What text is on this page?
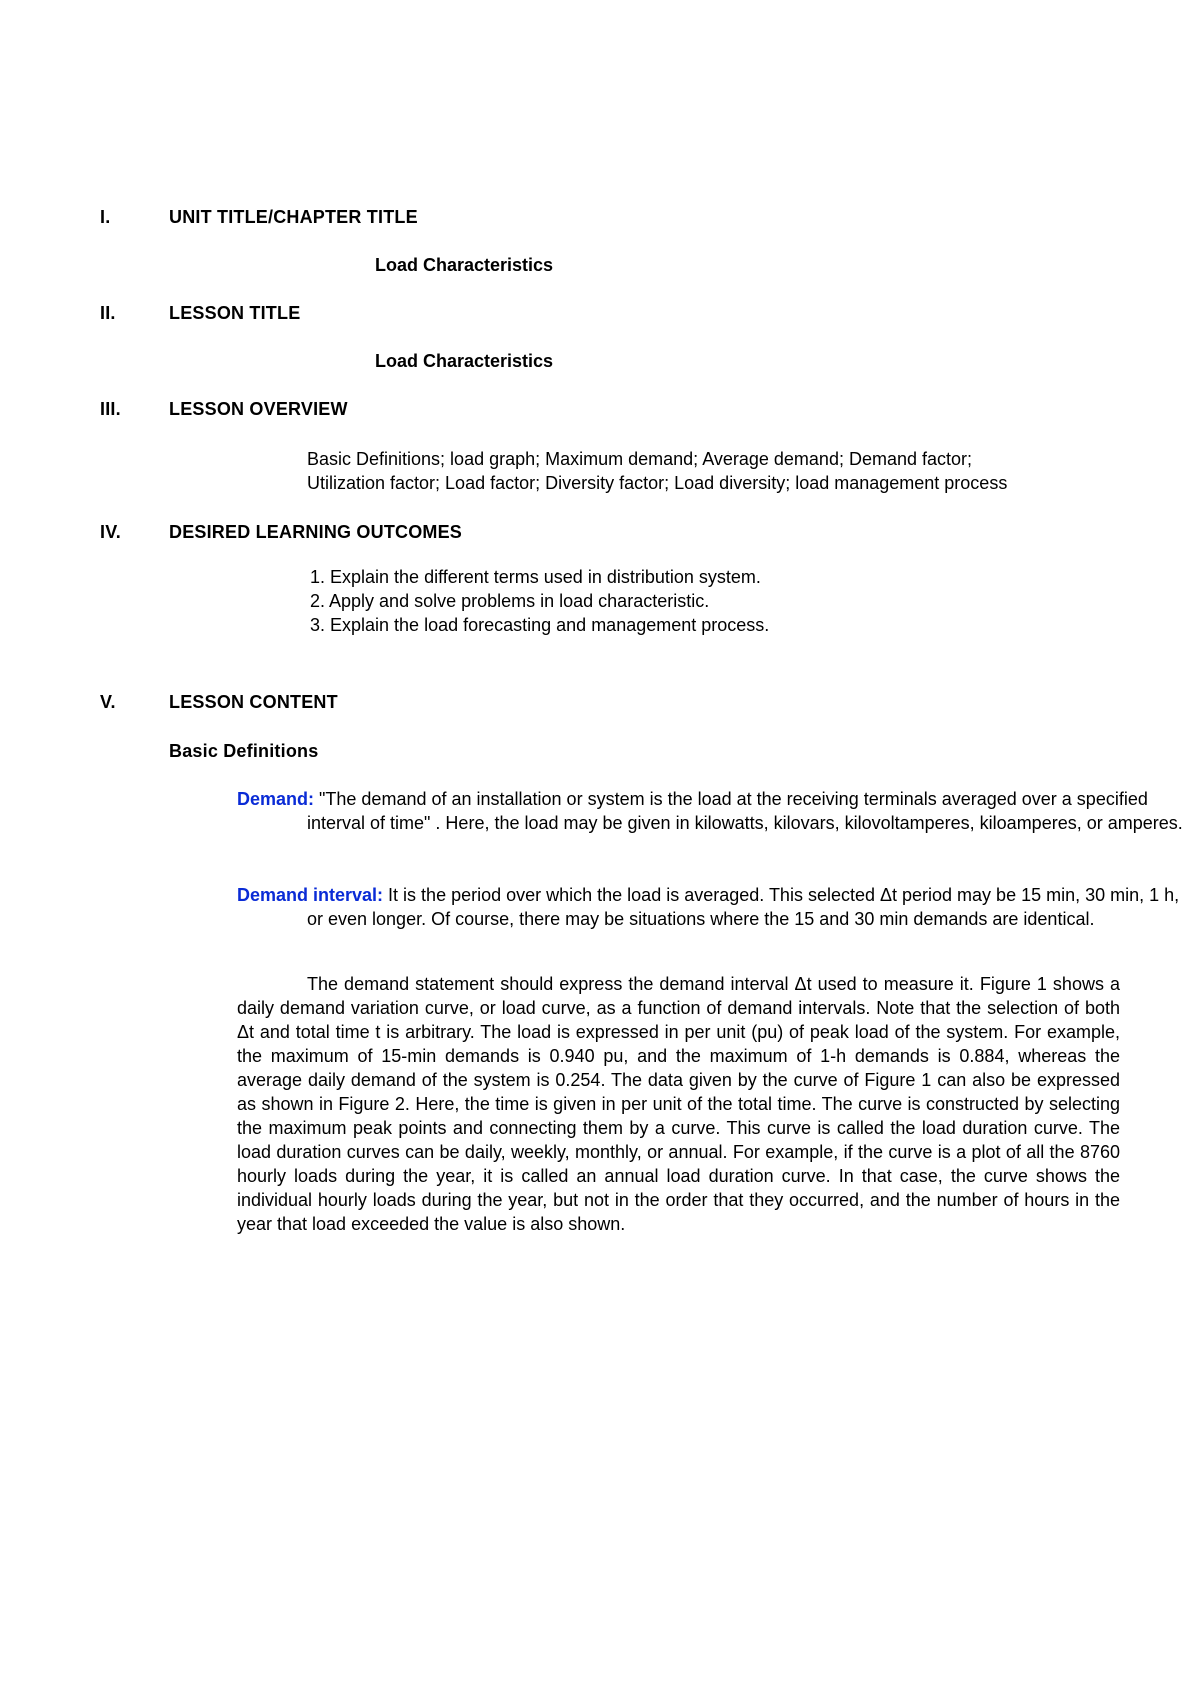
I.	UNIT TITLE/CHAPTER TITLE

Load Characteristics

II.	LESSON TITLE

Load Characteristics

III.	LESSON OVERVIEW

Basic Definitions; load graph; Maximum demand; Average demand; Demand factor;

Utilization factor; Load factor; Diversity factor; Load diversity; load management process

IV.	DESIRED LEARNING OUTCOMES

1. Explain the different terms used in distribution system.
2. Apply and solve problems in load characteristic.
3. Explain the load forecasting and management process.

V.	LESSON CONTENT

Basic Definitions

Demand: "The demand of an installation or system is the load at the receiving terminals averaged over a specified interval of time" . Here, the load may be given in kilowatts, kilovars, kilovoltamperes, kiloamperes, or amperes.

Demand interval: It is the period over which the load is averaged. This selected Δt period may be 15 min, 30 min, 1 h, or even longer. Of course, there may be situations where the 15 and 30 min demands are identical.

The demand statement should express the demand interval Δt used to measure it. Figure 1 shows a daily demand variation curve, or load curve, as a function of demand intervals. Note that the selection of both Δt and total time t is arbitrary. The load is expressed in per unit (pu) of peak load of the system. For example, the maximum of 15-min demands is 0.940 pu, and the maximum of 1-h demands is 0.884, whereas the average daily demand of the system is 0.254. The data given by the curve of Figure 1 can also be expressed as shown in Figure 2. Here, the time is given in per unit of the total time. The curve is constructed by selecting the maximum peak points and connecting them by a curve. This curve is called the load duration curve. The load duration curves can be daily, weekly, monthly, or annual. For example, if the curve is a plot of all the 8760 hourly loads during the year, it is called an annual load duration curve. In that case, the curve shows the individual hourly loads during the year, but not in the order that they occurred, and the number of hours in the year that load exceeded the value is also shown.
